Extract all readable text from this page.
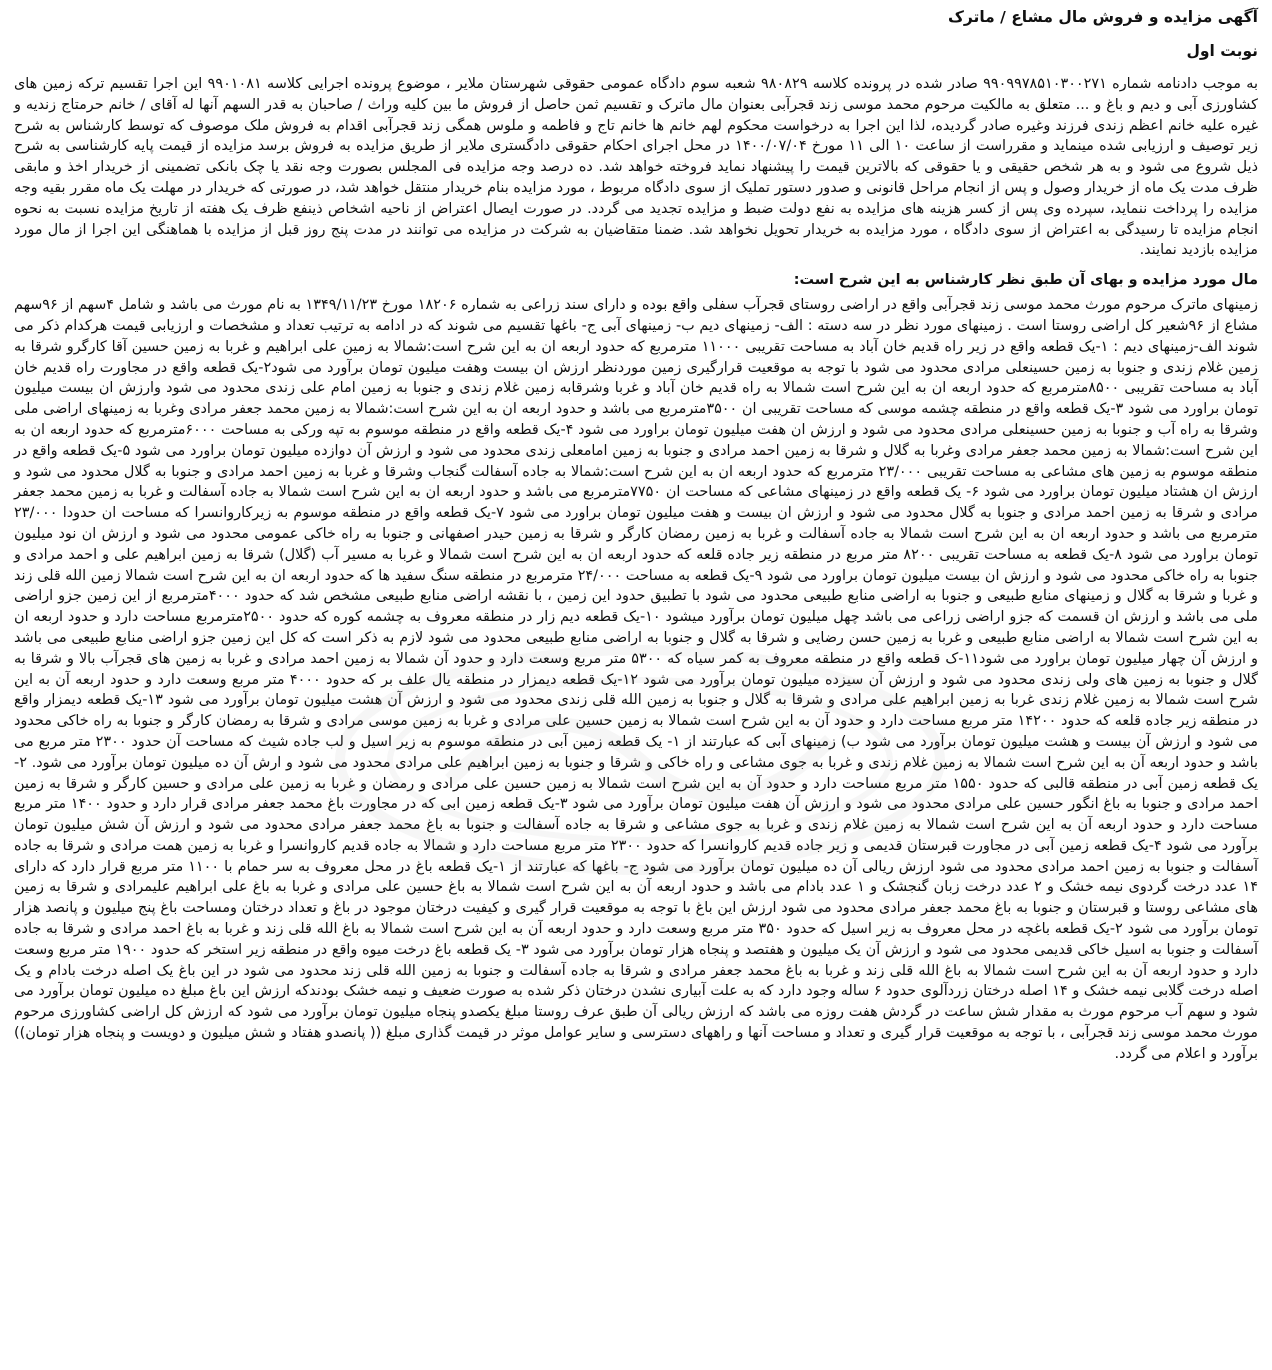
آگهی مزایده و فروش مال مشاع / ماترک
نوبت اول
به موجب دادنامه شماره ۹۹۰۹۹۷۸۵۱۰۳۰۰۲۷۱ صادر شده در پرونده کلاسه ۹۸۰۸۲۹ شعبه سوم دادگاه عمومی حقوقی شهرستان ملایر ، موضوع پرونده اجرایی کلاسه ۹۹۰۱۰۸۱ این اجرا تقسیم ترکه زمین های کشاورزی آبی و دیم و باغ و ... متعلق به مالکیت مرحوم محمد موسی زند قجرآبی بعنوان مال ماترک و تقسیم ثمن حاصل از فروش ما بین کلیه وراث / صاحبان به قدر السهم آنها له آقای / خانم حرمتاج زندیه و غیره علیه خانم اعظم زندی فرزند وغیره صادر گردیده، لذا این اجرا به درخواست محکوم لهم خانم ها خانم تاج و فاطمه و ملوس همگی زند قجرآبی اقدام به فروش ملک موصوف که توسط کارشناس به شرح زیر توصیف و ارزیابی شده مینماید و مقرراست از ساعت ۱۰ الی ۱۱ مورخ ۱۴۰۰/۰۷/۰۴ در محل اجرای احکام حقوقی دادگستری ملایر از طریق مزایده به فروش برسد مزایده از قیمت پایه کارشناسی به شرح ذیل شروع می شود و به هر شخص حقیقی و یا حقوقی که بالاترین قیمت را پیشنهاد نماید فروخته خواهد شد. ده درصد وجه مزایده فی المجلس بصورت وجه نقد یا چک بانکی تضمینی از خریدار اخذ و مابقی ظرف مدت یک ماه از خریدار وصول و پس از انجام مراحل قانونی و صدور دستور تملیک از سوی دادگاه مربوط ، مورد مزایده بنام خریدار منتقل خواهد شد، در صورتی که خریدار در مهلت یک ماه مقرر بقیه وجه مزایده را پرداخت ننماید، سپرده وی پس از کسر هزینه های مزایده به نفع دولت ضبط و مزایده تجدید می گردد. در صورت ایصال اعتراض از ناحیه اشخاص ذینفع ظرف یک هفته از تاریخ مزایده نسبت به نحوه انجام مزایده تا رسیدگی به اعتراض از سوی دادگاه ، مورد مزایده به خریدار تحویل نخواهد شد. ضمنا متقاضیان به شرکت در مزایده می توانند در مدت پنج روز قبل از مزایده با هماهنگی این اجرا از مال مورد مزایده بازدید نمایند.
مال مورد مزایده و بهای آن طبق نظر کارشناس به این شرح است:
زمینهای ماترک مرحوم مورث محمد موسی زند قجرآبی واقع در اراضی روستای قجرآب سفلی واقع بوده و دارای سند زراعی به شماره ۱۸۲۰۶ مورخ ۱۳۴۹/۱۱/۲۳ به نام مورث می باشد و شامل ۴سهم از ۹۶سهم مشاع از ۹۶شعیر کل اراضی روستا است . زمینهای مورد نظر در سه دسته : الف- زمینهای دیم ب- زمینهای آبی ج- باغها تقسیم می شوند که در ادامه به ترتیب تعداد و مشخصات و ارزیابی قیمت هرکدام ذکر می شوند الف-زمینهای دیم : ۱-یک قطعه واقع در زیر راه قدیم خان آباد به مساحت تقریبی ۱۱۰۰۰ مترمربع که حدود اربعه ان به این شرح است:شمالا به زمین علی ابراهیم و غربا به زمین حسین آقا کارگرو شرقا به زمین غلام زندی و جنوبا به زمین حسینعلی مرادی محدود می شود با توجه به موقعیت قرارگیری زمین موردنظر ارزش ان بیست وهفت میلیون تومان برآورد می شود۲-یک قطعه واقع در مجاورت راه قدیم خان آباد به مساحت تقریبی ۸۵۰۰مترمربع که حدود اربعه ان به این شرح است شمالا به راه قدیم خان آباد و غربا وشرقابه زمین غلام زندی و جنوبا به زمین امام علی زندی محدود می شود وارزش ان بیست میلیون تومان براورد می شود ۳-یک قطعه واقع در منطقه چشمه موسی که مساحت تقریبی ان ۳۵۰۰مترمربع می باشد و حدود اربعه ان به این شرح است:شمالا به زمین محمد جعفر مرادی وغربا به زمینهای اراضی ملی وشرقا به راه آب و جنوبا به زمین حسینعلی مرادی محدود می شود و ارزش ان هفت میلیون تومان براورد می شود ۴-یک قطعه واقع در منطقه موسوم به تپه ورکی به مساحت ۶۰۰۰مترمربع که حدود اربعه ان به این شرح است:شمالا به زمین محمد جعفر مرادی وغربا به گلال و شرقا به زمین احمد مرادی و جنوبا به زمین امامعلی زندی محدود می شود و ارزش آن دوازده میلیون تومان براورد می شود ۵-یک قطعه واقع در منطقه موسوم به زمین های مشاعی به مساحت تقریبی ۲۳/۰۰۰ مترمربع که حدود اربعه ان به این شرح است:شمالا به جاده آسفالت گنجاب وشرقا و غربا به زمین احمد مرادی و جنوبا به گلال محدود می شود و ارزش ان هشتاد میلیون تومان براورد می شود ۶- یک قطعه واقع در زمینهای مشاعی که مساحت ان ۷۷۵۰مترمربع می باشد و حدود اربعه ان به این شرح است شمالا به جاده آسفالت و غربا به زمین محمد جعفر مرادی و شرقا به زمین احمد مرادی و جنوبا به گلال محدود می شود و ارزش ان بیست و هفت میلیون تومان براورد می شود ۷-یک قطعه واقع در منطقه موسوم به زیرکاروانسرا که مساحت ان حدودا ۲۳/۰۰۰ مترمربع می باشد و حدود اربعه ان به این شرح است شمالا به جاده آسفالت و غربا به زمین رمضان کارگر و شرقا به زمین حیدر اصفهانی و جنوبا به راه خاکی عمومی محدود می شود و ارزش ان نود میلیون تومان براورد می شود ۸-یک قطعه به مساحت تقریبی ۸۲۰۰ متر مربع در منطقه زیر جاده قلعه که حدود اربعه ان به این شرح است شمالا و غربا به مسیر آب (گلال) شرقا به زمین ابراهیم علی و احمد مرادی و جنوبا به راه خاکی محدود می شود و ارزش ان بیست میلیون تومان براورد می شود ۹-یک قطعه به مساحت ۲۴/۰۰۰ مترمربع در منطقه سنگ سفید ها که حدود اربعه ان به این شرح است شمالا زمین الله قلی زند و غربا و شرقا به گلال و زمینهای منابع طبیعی و جنوبا به اراضی منابع طبیعی محدود می شود با تطبیق حدود این زمین ، با نقشه اراضی منابع طبیعی مشخص شد که حدود ۴۰۰۰مترمربع از این زمین جزو اراضی ملی می باشد و ارزش ان قسمت که جزو اراضی زراعی می باشد چهل میلیون تومان برآورد میشود ۱۰-یک قطعه دیم زار در منطقه معروف به چشمه کوره که حدود ۲۵۰۰مترمربع مساحت دارد و حدود اربعه ان به این شرح است شمالا به اراضی منابع طبیعی و غربا به زمین حسن رضایی و شرقا به گلال و جنوبا به اراضی منابع طبیعی محدود می شود لازم به ذکر است که کل این زمین جزو اراضی منابع طبیعی می باشد و ارزش آن چهار میلیون تومان براورد می شود۱۱-ک قطعه واقع در منطقه معروف به کمر سیاه که ۵۳۰۰ متر مربع وسعت دارد و حدود آن شمالا به زمین احمد مرادی و غربا به زمین های قجرآب بالا و شرقا به گلال و جنوبا به زمین های ولی زندی محدود می شود و ارزش آن سیزده میلیون تومان برآورد می شود ۱۲-یک قطعه دیمزار در منطقه یال علف بر که حدود ۴۰۰۰ متر مربع وسعت دارد و حدود اربعه آن به این شرح است شمالا به زمین غلام زندی غربا به زمین ابراهیم علی مرادی و شرقا به گلال و جنوبا به زمین الله قلی زندی محدود می شود و ارزش آن هشت میلیون تومان برآورد می شود ۱۳-یک قطعه دیمزار واقع در منطقه زیر جاده قلعه که حدود ۱۴۲۰۰ متر مربع مساحت دارد و حدود آن به این شرح است شمالا به زمین حسین علی مرادی و غربا به زمین موسی مرادی و شرقا به رمضان کارگر و جنوبا به راه خاکی محدود می شود و ارزش آن بیست و هشت میلیون تومان برآورد می شود ب) زمینهای آبی که عبارتند از ۱- یک قطعه زمین آبی در منطقه موسوم به زیر اسیل و لب جاده شیث که مساحت آن حدود ۲۳۰۰ متر مربع می باشد و حدود اربعه آن به این شرح است شمالا به زمین غلام زندی و غربا به جوی مشاعی و راه خاکی و شرقا و جنوبا به زمین ابراهیم علی مرادی محدود می شود و ارش آن ده میلیون تومان برآورد می شود. ۲-یک قطعه زمین آبی در منطقه قالبی که حدود ۱۵۵۰ متر مربع مساحت دارد و حدود آن به این شرح است شمالا به زمین حسین علی مرادی و رمضان و غربا به زمین علی مرادی و حسین کارگر و شرقا به زمین احمد مرادی و جنوبا به باغ انگور حسین علی مرادی محدود می شود و ارزش آن هفت میلیون تومان برآورد می شود ۳-یک قطعه زمین ابی که در مجاورت باغ محمد جعفر مرادی قرار دارد و حدود ۱۴۰۰ متر مربع مساحت دارد و حدود اربعه آن به این شرح است شمالا به زمین غلام زندی و غربا به جوی مشاعی و شرقا به جاده آسفالت و جنوبا به باغ محمد جعفر مرادی محدود می شود و ارزش آن شش میلیون تومان برآورد می شود ۴-یک قطعه زمین آبی در مجاورت قبرستان قدیمی و زیر جاده قدیم کاروانسرا که حدود ۲۳۰۰ متر مربع مساحت دارد و شمالا به جاده قدیم کاروانسرا و غربا به زمین همت مرادی و شرقا به جاده آسفالت و جنوبا به زمین احمد مرادی محدود می شود ارزش ریالی آن ده میلیون تومان برآورد می شود ج- باغها که عبارتند از ۱-یک قطعه باغ در محل معروف به سر حمام با ۱۱۰۰ متر مربع قرار دارد که دارای ۱۴ عدد درخت گردوی نیمه خشک و ۲ عدد درخت زبان گنجشک و ۱ عدد بادام می باشد و حدود اربعه آن به این شرح است شمالا به باغ حسین علی مرادی و غربا به باغ علی ابراهیم علیمرادی و شرقا به زمین های مشاعی روستا و قبرستان و جنوبا به باغ محمد جعفر مرادی محدود می شود ارزش این باغ با توجه به موقعیت قرار گیری و کیفیت درختان موجود در باغ و تعداد درختان ومساحت باغ پنج میلیون و پانصد هزار تومان برآورد می شود ۲-یک قطعه باغچه در محل معروف به زیر اسیل که حدود ۳۵۰ متر مربع وسعت دارد و حدود اربعه آن به این شرح است شمالا به باغ الله قلی زند و غربا به باغ احمد مرادی و شرقا به جاده آسفالت و جنوبا به اسیل خاکی قدیمی محدود می شود و ارزش آن یک میلیون و هفتصد و پنجاه هزار تومان برآورد می شود ۳- یک قطعه باغ درخت میوه واقع در منطقه زیر استخر که حدود ۱۹۰۰ متر مربع وسعت دارد و حدود اربعه آن به این شرح است شمالا به باغ الله قلی زند و غربا به باغ محمد جعفر مرادی و شرقا به جاده آسفالت و جنوبا به زمین الله قلی زند محدود می شود در این باغ یک اصله درخت بادام و یک اصله درخت گلابی نیمه خشک و ۱۴ اصله درختان زردآلوی حدود ۶ ساله وجود دارد که به علت آبیاری نشدن درختان ذکر شده به صورت ضعیف و نیمه خشک بودندکه ارزش این باغ مبلغ ده میلیون تومان برآورد می شود و سهم آب مرحوم مورث به مقدار شش ساعت در گردش هفت روزه می باشد که ارزش ریالی آن طبق عرف روستا مبلغ یکصدو پنجاه میلیون تومان برآورد می شود که ارزش کل اراضی کشاورزی مرحوم مورث محمد موسی زند قجرآبی ، با توجه به موقعیت قرار گیری و تعداد و مساحت آنها و راههای دسترسی و سایر عوامل موثر در قیمت گذاری مبلغ (( پانصدو هفتاد و شش میلیون و دویست و پنجاه هزار تومان)) برآورد و اعلام می گردد.
